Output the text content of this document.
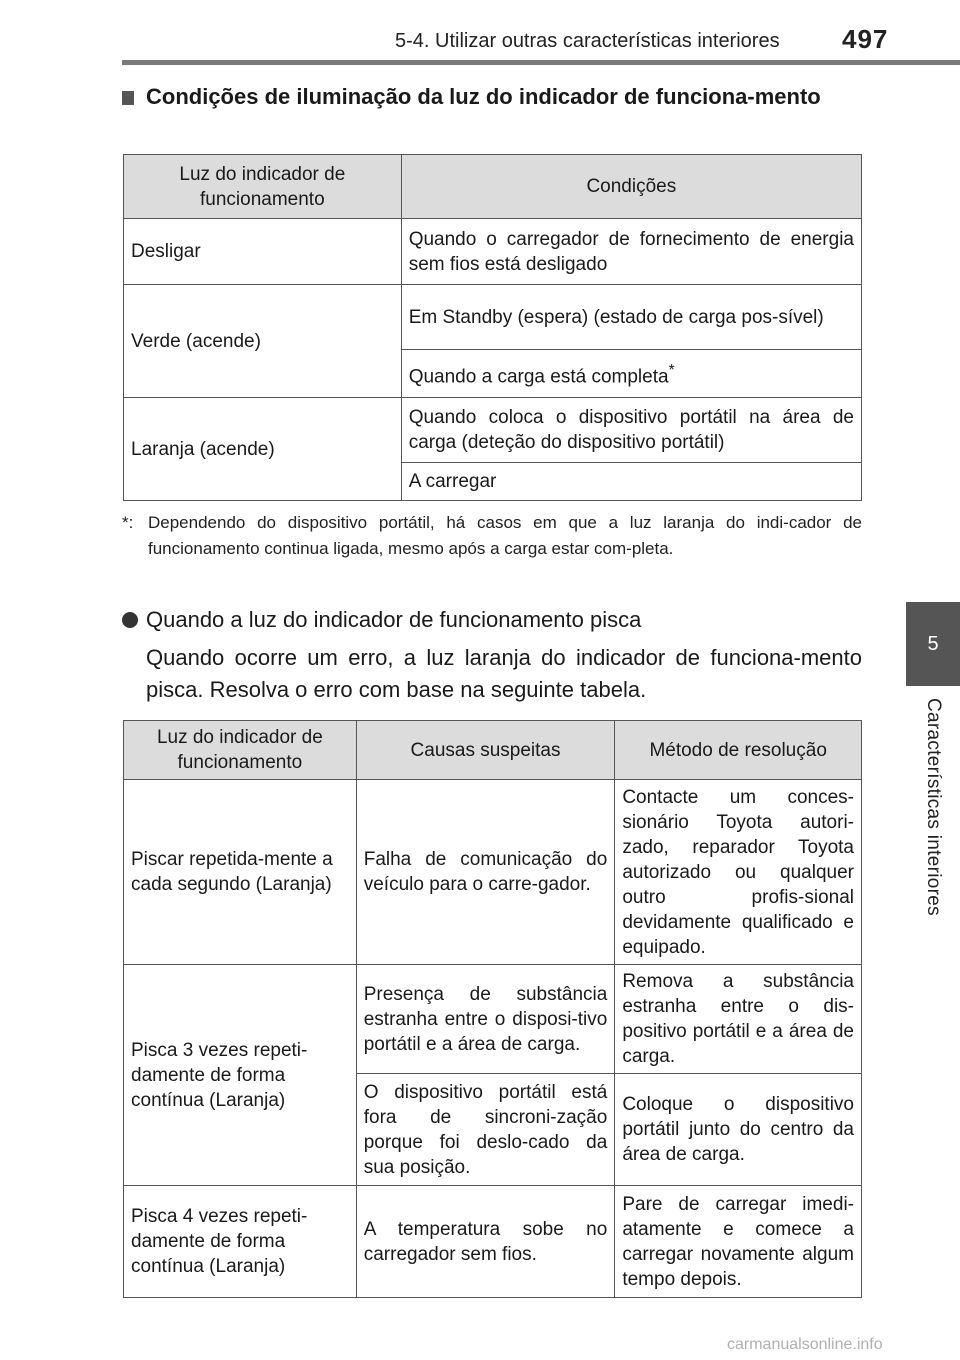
5-4. Utilizar outras características interiores 497
5
Características interiores
Condições de iluminação da luz do indicador de funciona-mento
Luz do indicador de funcionamento	Condições
Desligar	Quando o carregador de fornecimento de energia sem fios está desligado
Verde (acende)	Em Standby (espera) (estado de carga pos-sível)
	Quando a carga está completa*
Laranja (acende)	Quando coloca o dispositivo portátil na área de carga (deteção do dispositivo portátil)
	A carregar
*: Dependendo do dispositivo portátil, há casos em que a luz laranja do indi-cador de funcionamento continua ligada, mesmo após a carga estar com-pleta.
Quando a luz do indicador de funcionamento pisca
Quando ocorre um erro, a luz laranja do indicador de funciona-mento pisca. Resolva o erro com base na seguinte tabela.
Luz do indicador de funcionamento	Causas suspeitas	Método de resolução
Piscar repetida-mente a cada segundo (Laranja)	Falha de comunicação do veículo para o carre-gador.	Contacte um conces-sionário Toyota autori-zado, reparador Toyota autorizado ou qualquer outro profis-sional devidamente qualificado e equipado.
Pisca 3 vezes repeti-damente de forma contínua (Laranja)	Presença de substância estranha entre o disposi-tivo portátil e a área de carga.	Remova a substância estranha entre o dis-positivo portátil e a área de carga.
	O dispositivo portátil está fora de sincroni-zação porque foi deslo-cado da sua posição.	Coloque o dispositivo portátil junto do centro da área de carga.
Pisca 4 vezes repeti-damente de forma contínua (Laranja)	A temperatura sobe no carregador sem fios.	Pare de carregar imedi-atamente e comece a carregar novamente algum tempo depois.
carmanualsonline.info
